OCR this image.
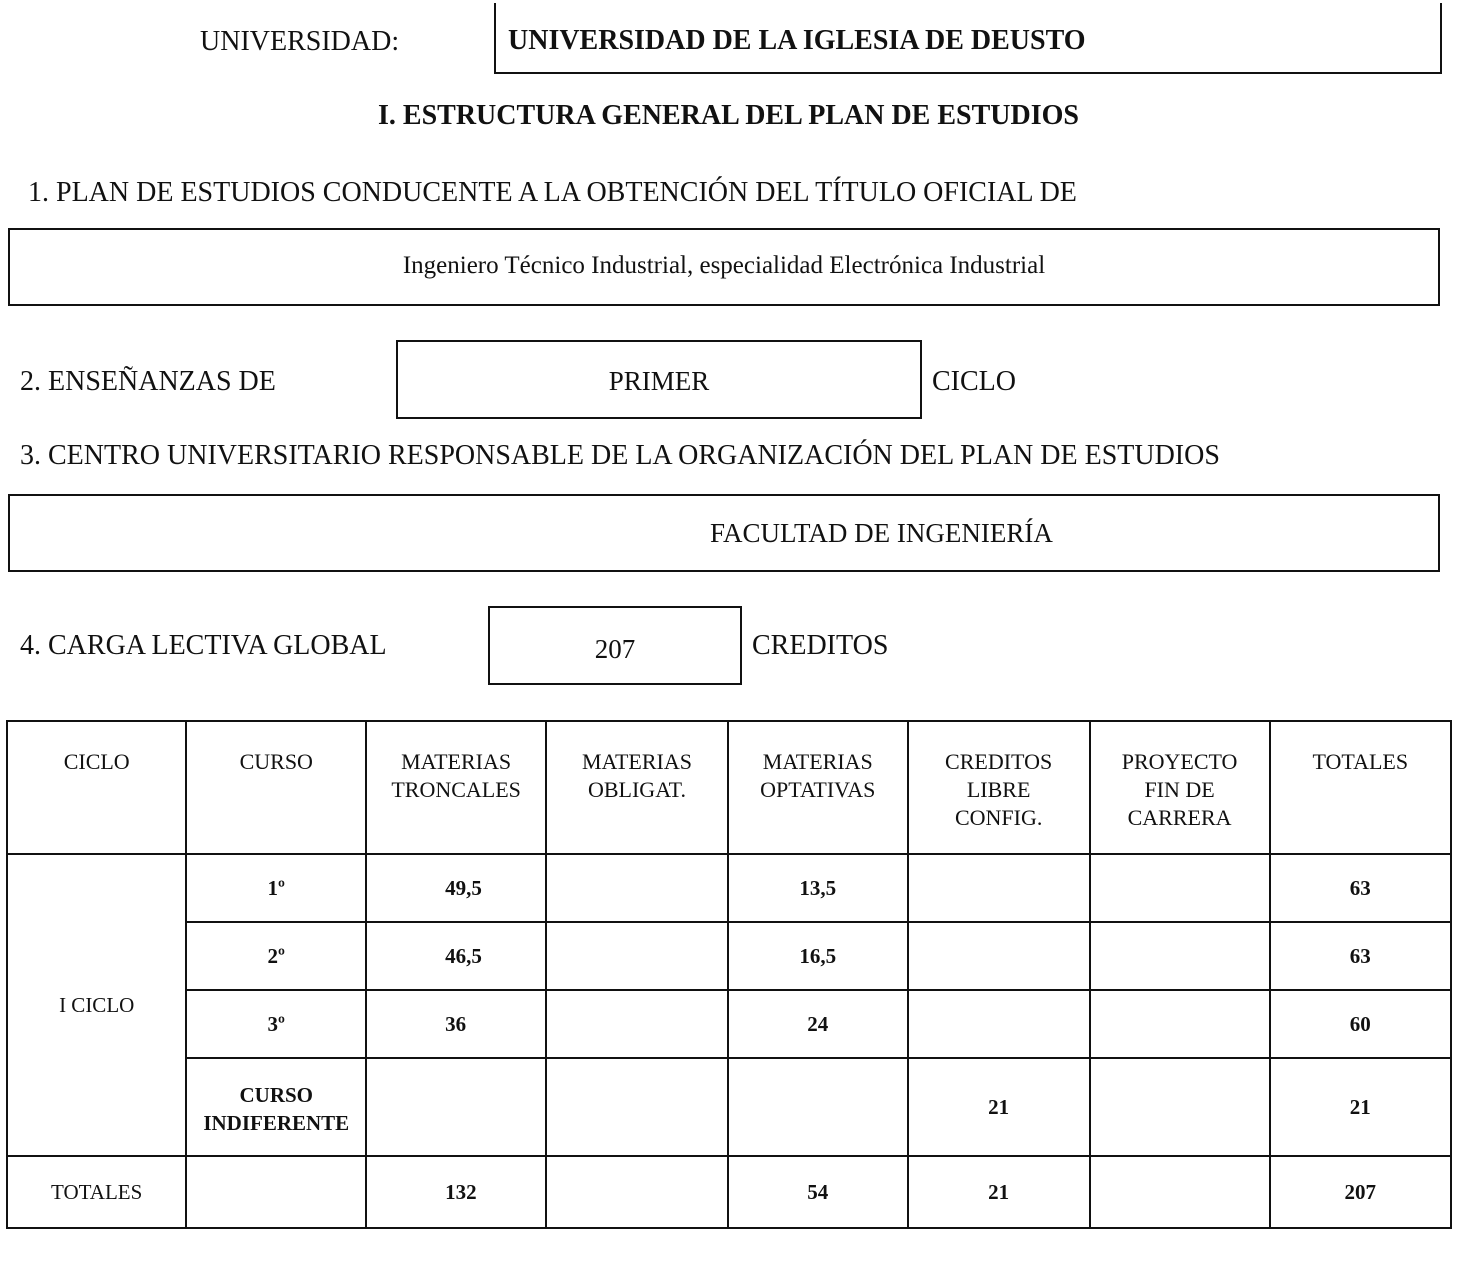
UNIVERSIDAD:	UNIVERSIDAD DE LA IGLESIA DE DEUSTO
I. ESTRUCTURA GENERAL DEL PLAN DE ESTUDIOS
1. PLAN DE ESTUDIOS CONDUCENTE A LA OBTENCIÓN DEL TÍTULO OFICIAL DE
Ingeniero Técnico Industrial, especialidad Electrónica Industrial
2. ENSEÑANZAS DE	PRIMER	CICLO
3. CENTRO UNIVERSITARIO RESPONSABLE DE LA ORGANIZACIÓN DEL PLAN DE ESTUDIOS
FACULTAD DE INGENIERÍA
4. CARGA LECTIVA GLOBAL	207	CREDITOS
CICLO	CURSO	MATERIAS TRONCALES	MATERIAS OBLIGAT.	MATERIAS OPTATIVAS	CREDITOS LIBRE CONFIG.	PROYECTO FIN DE CARRERA	TOTALES
I CICLO	1º	49,5		13,5			63
	2º	46,5		16,5			63
	3º	36		24			60
	CURSO INDIFERENTE				21		21
TOTALES		132		54	21		207
